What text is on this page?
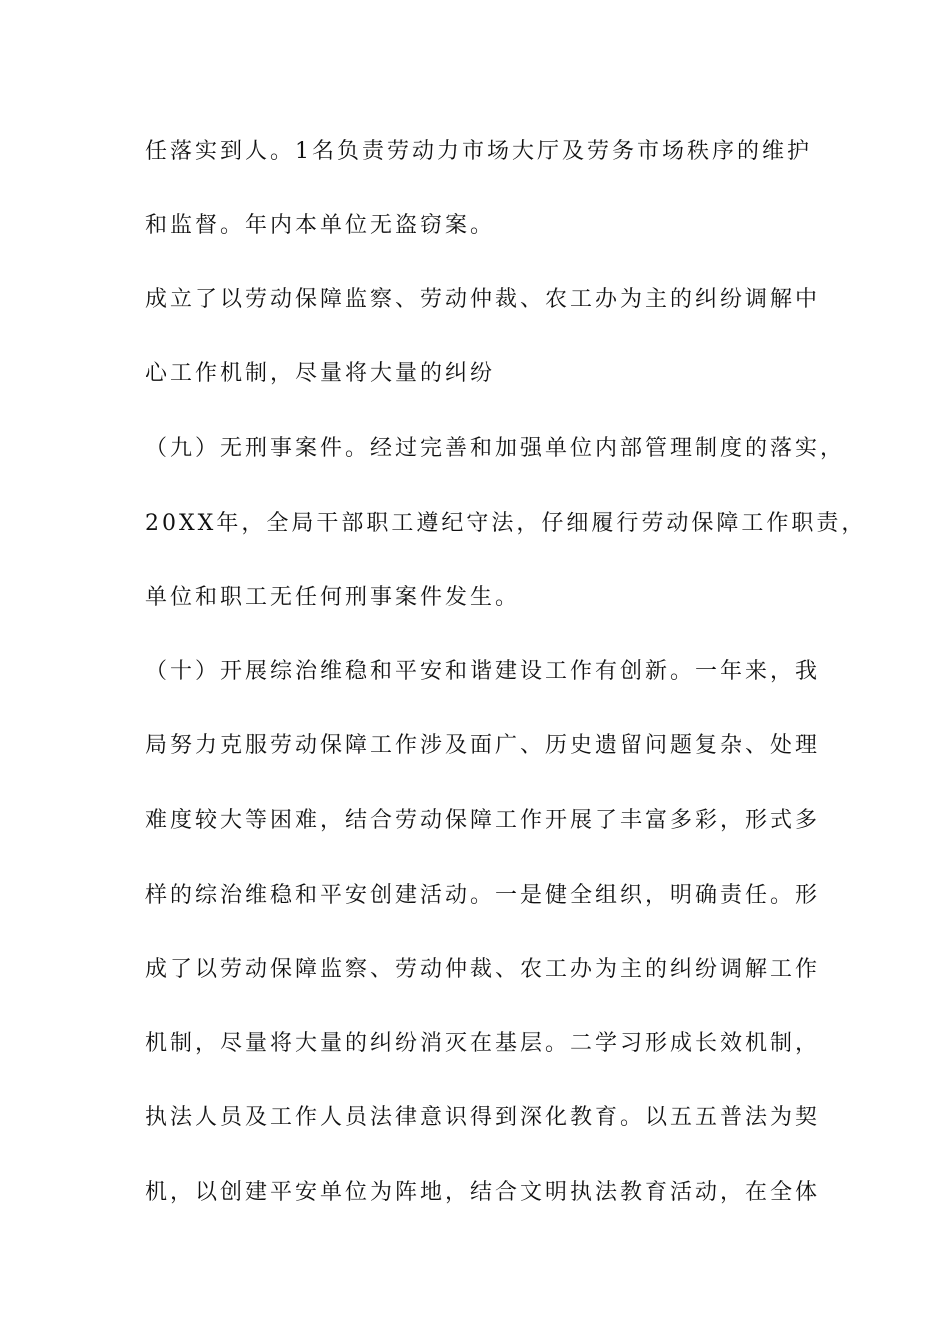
任落实到人。1名负责劳动力市场大厅及劳务市场秩序的维护

和监督。年内本单位无盗窃案。

成立了以劳动保障监察、劳动仲裁、农工办为主的纠纷调解中

心工作机制，尽量将大量的纠纷

（九）无刑事案件。经过完善和加强单位内部管理制度的落实，

20XX年，全局干部职工遵纪守法，仔细履行劳动保障工作职责，

单位和职工无任何刑事案件发生。

（十）开展综治维稳和平安和谐建设工作有创新。一年来，我

局努力克服劳动保障工作涉及面广、历史遗留问题复杂、处理

难度较大等困难，结合劳动保障工作开展了丰富多彩，形式多

样的综治维稳和平安创建活动。一是健全组织，明确责任。形

成了以劳动保障监察、劳动仲裁、农工办为主的纠纷调解工作

机制，尽量将大量的纠纷消灭在基层。二学习形成长效机制，

执法人员及工作人员法律意识得到深化教育。以五五普法为契

机，以创建平安单位为阵地，结合文明执法教育活动，在全体
